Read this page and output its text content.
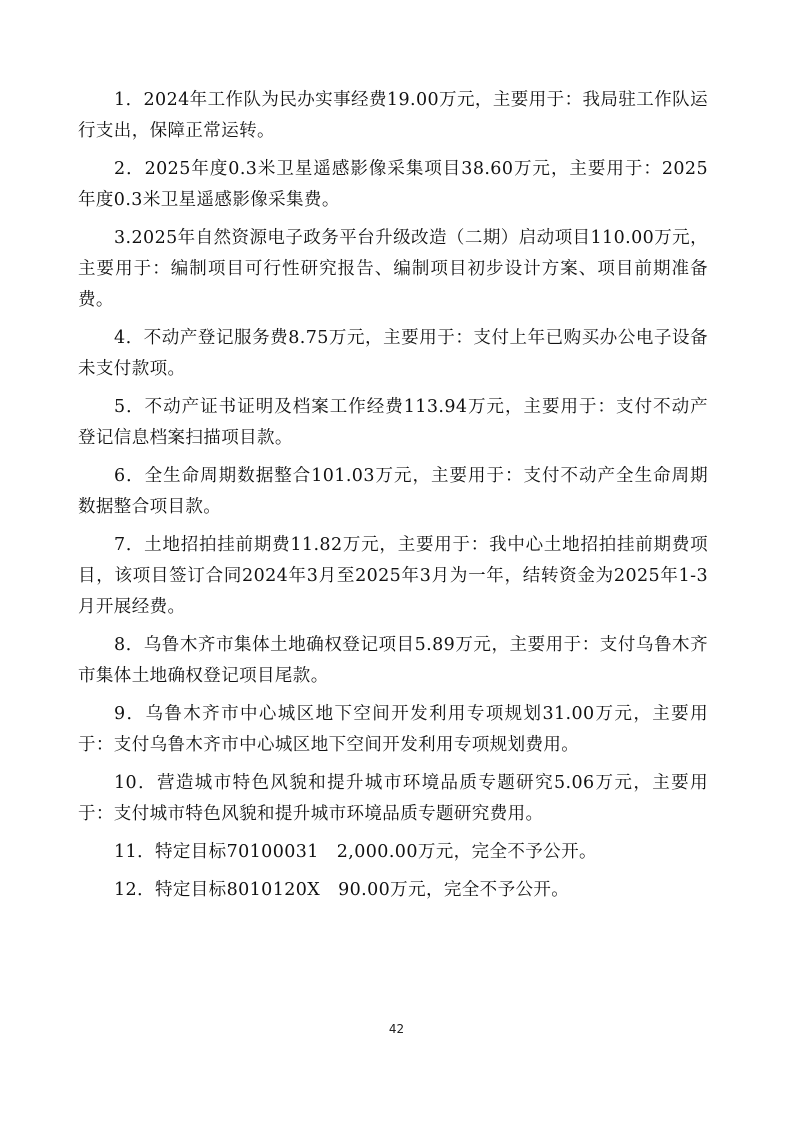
1．2024年工作队为民办实事经费19.00万元，主要用于：我局驻工作队运行支出，保障正常运转。

2．2025年度0.3米卫星遥感影像采集项目38.60万元，主要用于：2025年度0.3米卫星遥感影像采集费。

3.2025年自然资源电子政务平台升级改造（二期）启动项目110.00万元，主要用于：编制项目可行性研究报告、编制项目初步设计方案、项目前期准备费。

4．不动产登记服务费8.75万元，主要用于：支付上年已购买办公电子设备未支付款项。

5．不动产证书证明及档案工作经费113.94万元，主要用于：支付不动产登记信息档案扫描项目款。

6．全生命周期数据整合101.03万元，主要用于：支付不动产全生命周期数据整合项目款。

7．土地招拍挂前期费11.82万元，主要用于：我中心土地招拍挂前期费项目，该项目签订合同2024年3月至2025年3月为一年，结转资金为2025年1-3月开展经费。

8．乌鲁木齐市集体土地确权登记项目5.89万元，主要用于：支付乌鲁木齐市集体土地确权登记项目尾款。

9．乌鲁木齐市中心城区地下空间开发利用专项规划31.00万元，主要用于：支付乌鲁木齐市中心城区地下空间开发利用专项规划费用。

10．营造城市特色风貌和提升城市环境品质专题研究5.06万元，主要用于：支付城市特色风貌和提升城市环境品质专题研究费用。

11．特定目标70100031　2,000.00万元，完全不予公开。

12．特定目标8010120X　90.00万元，完全不予公开。

42
